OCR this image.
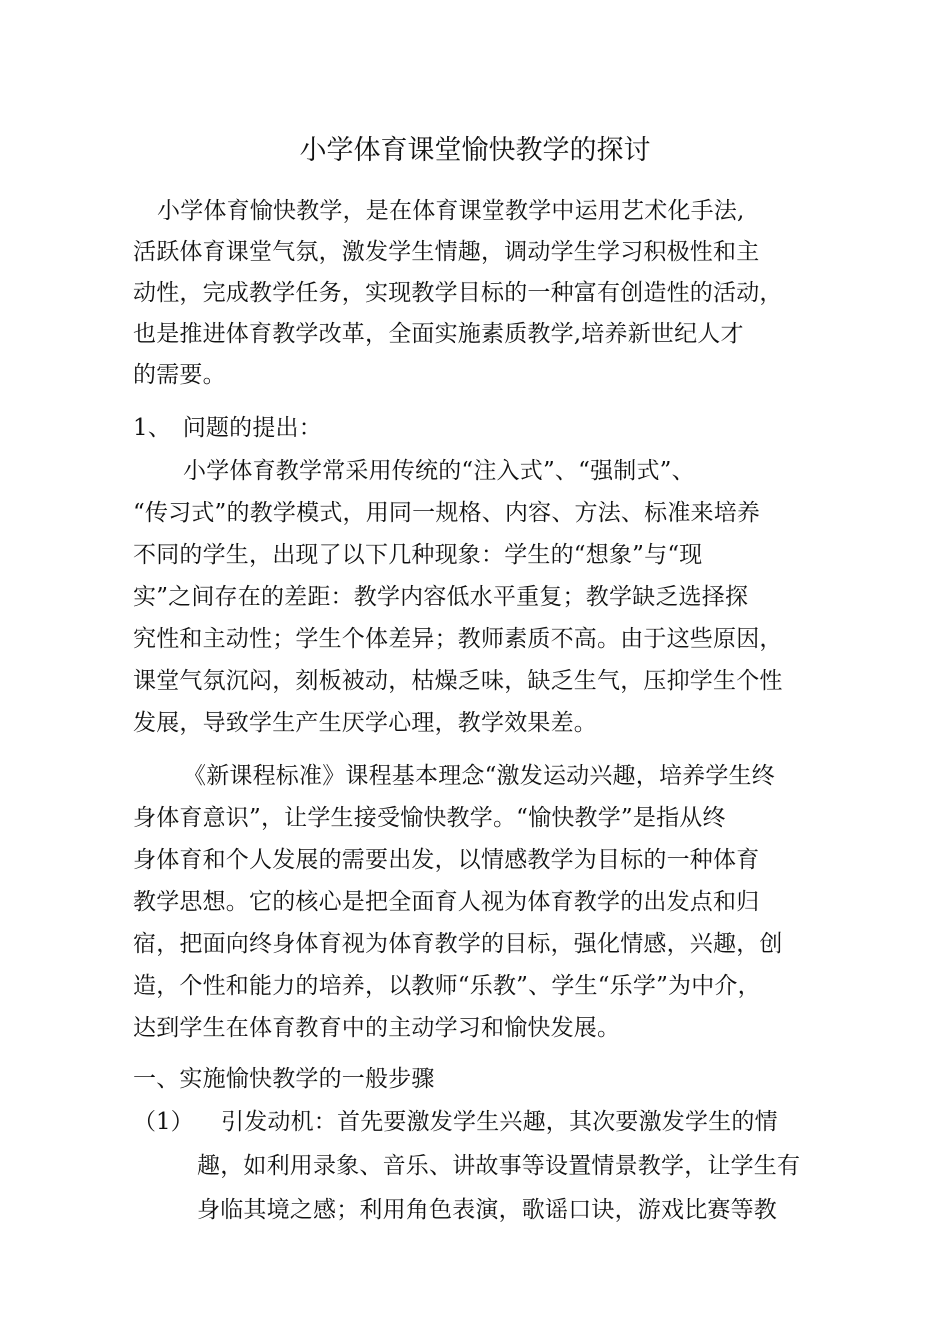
小学体育课堂愉快教学的探讨
小学体育愉快教学，是在体育课堂教学中运用艺术化手法,
活跃体育课堂气氛，激发学生情趣，调动学生学习积极性和主
动性，完成教学任务，实现教学目标的一种富有创造性的活动，
也是推进体育教学改革，全面实施素质教学,培养新世纪人才
的需要。
1、　问题的提出：
小学体育教学常采用传统的“注入式”、“强制式”、
“传习式”的教学模式，用同一规格、内容、方法、标准来培养
不同的学生，出现了以下几种现象：学生的“想象”与“现
实”之间存在的差距：教学内容低水平重复；教学缺乏选择探
究性和主动性；学生个体差异；教师素质不高。由于这些原因，
课堂气氛沉闷，刻板被动，枯燥乏味，缺乏生气，压抑学生个性
发展，导致学生产生厌学心理，教学效果差。
《新课程标准》课程基本理念“激发运动兴趣，培养学生终
身体育意识”，让学生接受愉快教学。“愉快教学”是指从终
身体育和个人发展的需要出发，以情感教学为目标的一种体育
教学思想。它的核心是把全面育人视为体育教学的出发点和归
宿，把面向终身体育视为体育教学的目标，强化情感，兴趣，创
造，个性和能力的培养，以教师“乐教”、学生“乐学”为中介，
达到学生在体育教育中的主动学习和愉快发展。
一、实施愉快教学的一般步骤
（1） 引发动机：首先要激发学生兴趣，其次要激发学生的情
趣，如利用录象、音乐、讲故事等设置情景教学，让学生有
身临其境之感；利用角色表演，歌谣口诀，游戏比赛等教
